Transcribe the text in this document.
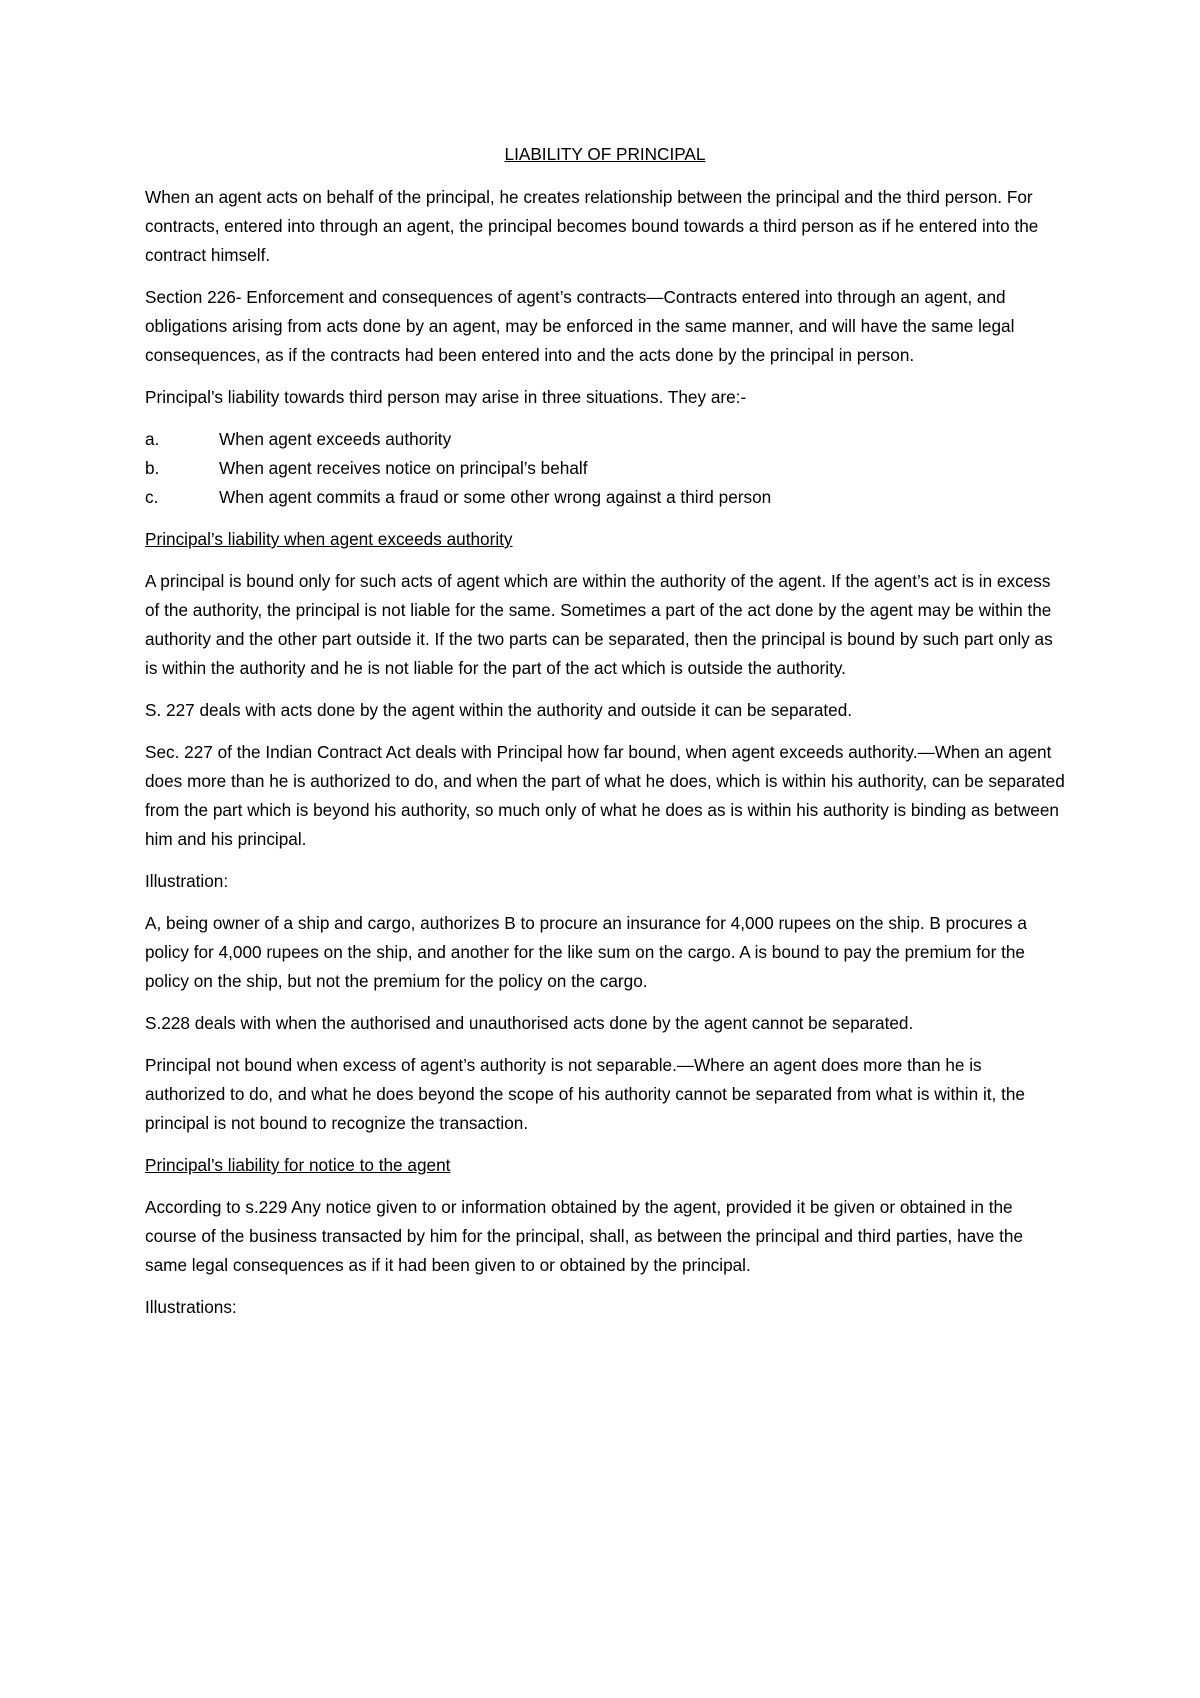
LIABILITY OF PRINCIPAL

When an agent acts on behalf of the principal, he creates relationship between the principal and the third person. For contracts, entered into through an agent, the principal becomes bound towards a third person as if he entered into the contract himself.

Section 226- Enforcement and consequences of agent’s contracts—Contracts entered into through an agent, and obligations arising from acts done by an agent, may be enforced in the same manner, and will have the same legal consequences, as if the contracts had been entered into and the acts done by the principal in person.

Principal’s liability towards third person may arise in three situations. They are:-

a.	When agent exceeds authority
b.	When agent receives notice on principal’s behalf
c.	When agent commits a fraud or some other wrong against a third person

Principal’s liability when agent exceeds authority

A principal is bound only for such acts of agent which are within the authority of the agent. If the agent’s act is in excess of the authority, the principal is not liable for the same. Sometimes a part of the act done by the agent may be within the authority and the other part outside it. If the two parts can be separated, then the principal is bound by such part only as is within the authority and he is not liable for the part of the act which is outside the authority.

S. 227 deals with acts done by the agent within the authority and outside it can be separated.

Sec. 227 of the Indian Contract Act deals with Principal how far bound, when agent exceeds authority.—When an agent does more than he is authorized to do, and when the part of what he does, which is within his authority, can be separated from the part which is beyond his authority, so much only of what he does as is within his authority is binding as between him and his principal.

Illustration:

A, being owner of a ship and cargo, authorizes B to procure an insurance for 4,000 rupees on the ship. B procures a policy for 4,000 rupees on the ship, and another for the like sum on the cargo. A is bound to pay the premium for the policy on the ship, but not the premium for the policy on the cargo.

S.228 deals with when the authorised and unauthorised acts done by the agent cannot be separated.

Principal not bound when excess of agent’s authority is not separable.—Where an agent does more than he is authorized to do, and what he does beyond the scope of his authority cannot be separated from what is within it, the principal is not bound to recognize the transaction.

Principal’s liability for notice to the agent

According to s.229 Any notice given to or information obtained by the agent, provided it be given or obtained in the course of the business transacted by him for the principal, shall, as between the principal and third parties, have the same legal consequences as if it had been given to or obtained by the principal.

Illustrations:
